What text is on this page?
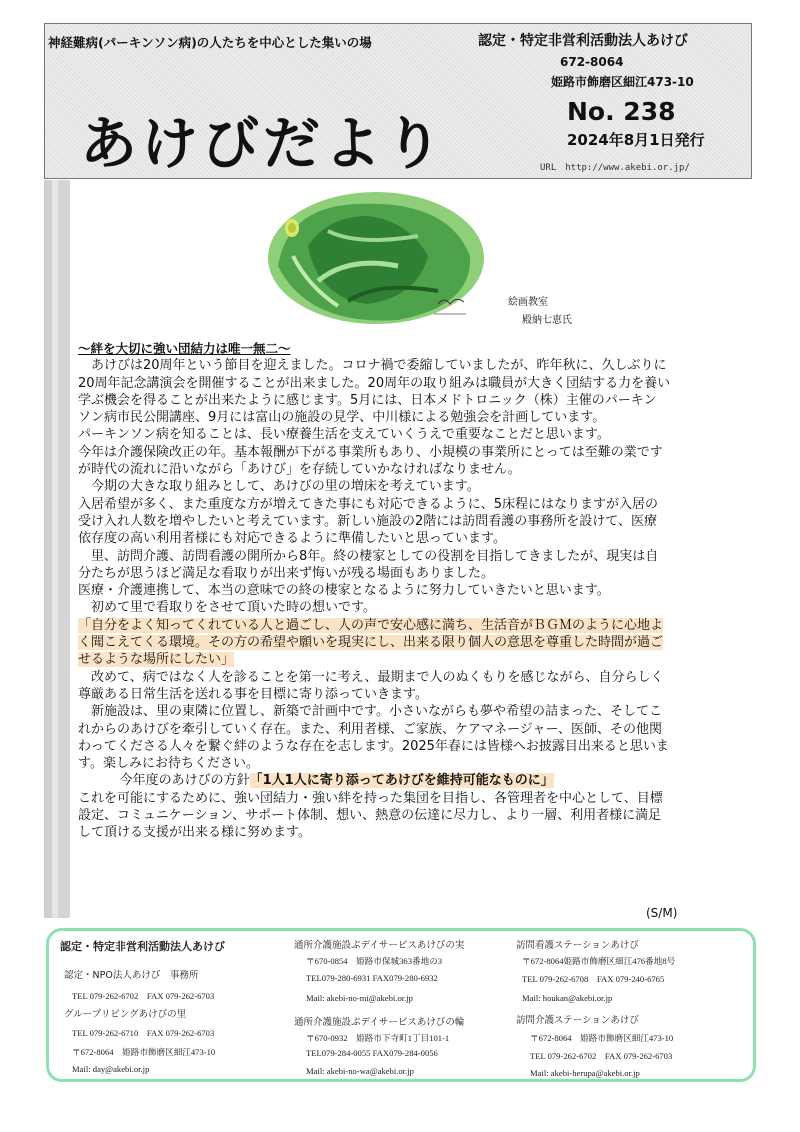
神経難病(パーキンソン病)の人たちを中心とした集いの場	認定・特定非営利活動法人あけび
672-8064
姫路市飾磨区細江473-10
あけびだより	No. 238
2024年8月1日発行
URL　http://www.akebi.or.jp/
絵画教室
殿納七恵氏

～絆を大切に強い団結力は唯一無二～

あけびは20周年という節目を迎えました。コロナ禍で委縮していましたが、昨年秋に、久しぶりに

20周年記念講演会を開催することが出来ました。20周年の取り組みは職員が大きく団結する力を養い

学ぶ機会を得ることが出来たように感じます。5月には、日本メドトロニック（株）主催のパーキン

ソン病市民公開講座、9月には富山の施設の見学、中川様による勉強会を計画しています。

パーキンソン病を知ることは、長い療養生活を支えていくうえで重要なことだと思います。

今年は介護保険改正の年。基本報酬が下がる事業所もあり、小規模の事業所にとっては至難の業です

が時代の流れに沿いながら「あけび」を存続していかなければなりません。

今期の大きな取り組みとして、あけびの里の増床を考えています。

入居希望が多く、また重度な方が増えてきた事にも対応できるように、5床程にはなりますが入居の

受け入れ人数を増やしたいと考えています。新しい施設の2階には訪問看護の事務所を設けて、医療

依存度の高い利用者様にも対応できるように準備したいと思っています。

里、訪問介護、訪問看護の開所から8年。終の棲家としての役割を目指してきましたが、現実は自

分たちが思うほど満足な看取りが出来ず悔いが残る場面もありました。

医療・介護連携して、本当の意味での終の棲家となるように努力していきたいと思います。

初めて里で看取りをさせて頂いた時の想いです。

「自分をよく知ってくれている人と過ごし、人の声で安心感に満ち、生活音がＢＧＭのように心地よ

く聞こえてくる環境。その方の希望や願いを現実にし、出来る限り個人の意思を尊重した時間が過ご

せるような場所にしたい」

改めて、病ではなく人を診ることを第一に考え、最期まで人のぬくもりを感じながら、自分らしく

尊厳ある日常生活を送れる事を目標に寄り添っていきます。

新施設は、里の東隣に位置し、新築で計画中です。小さいながらも夢や希望の詰まった、そしてこ

れからのあけびを牽引していく存在。また、利用者様、ご家族、ケアマネージャー、医師、その他関

わってくださる人々を繋ぐ絆のような存在を志します。2025年春には皆様へお披露目出来ると思いま

す。楽しみにお待ちください。

今年度のあけびの方針「1人1人に寄り添ってあけびを維持可能なものに」

これを可能にするために、強い団結力・強い絆を持った集団を目指し、各管理者を中心として、目標

設定、コミュニケーション、サポート体制、想い、熱意の伝達に尽力し、より一層、利用者様に満足

して頂ける支援が出来る様に努めます。

(S/M)
認定・特定非営利活動法人あけび
認定・NPO法人あけび　事務所
TEL 079-262-6702　FAX 079-262-6703
グループリビングあけびの里
TEL 079-262-6710　FAX 079-262-6703
〒672-8064　姫路市飾磨区細江473-10
Mail: day@akebi.or.jp
通所介護施設ぷデイサービスあけびの実
〒670-0854　姫路市保城363番地の3
TEL079-280-6931 FAX079-280-6932
Mail: akebi-no-mi@akebi.or.jp
通所介護施設ぷデイサービスあけびの輪
〒670-0932　姫路市下寺町1丁目101-1
TEL079-284-0055 FAX079-284-0056
Mail: akebi-no-wa@akebi.or.jp
訪問看護ステーションあけび
〒672-8064姫路市飾磨区細江476番地8号
TEL 079-262-6708　FAX 079-240-6765
Mail: houkan@akebi.or.jp
訪問介護ステーションあけび
〒672-8064　姫路市飾磨区細江473-10
TEL 079-262-6702　FAX 079-262-6703
Mail: akebi-herupa@akebi.or.jp
